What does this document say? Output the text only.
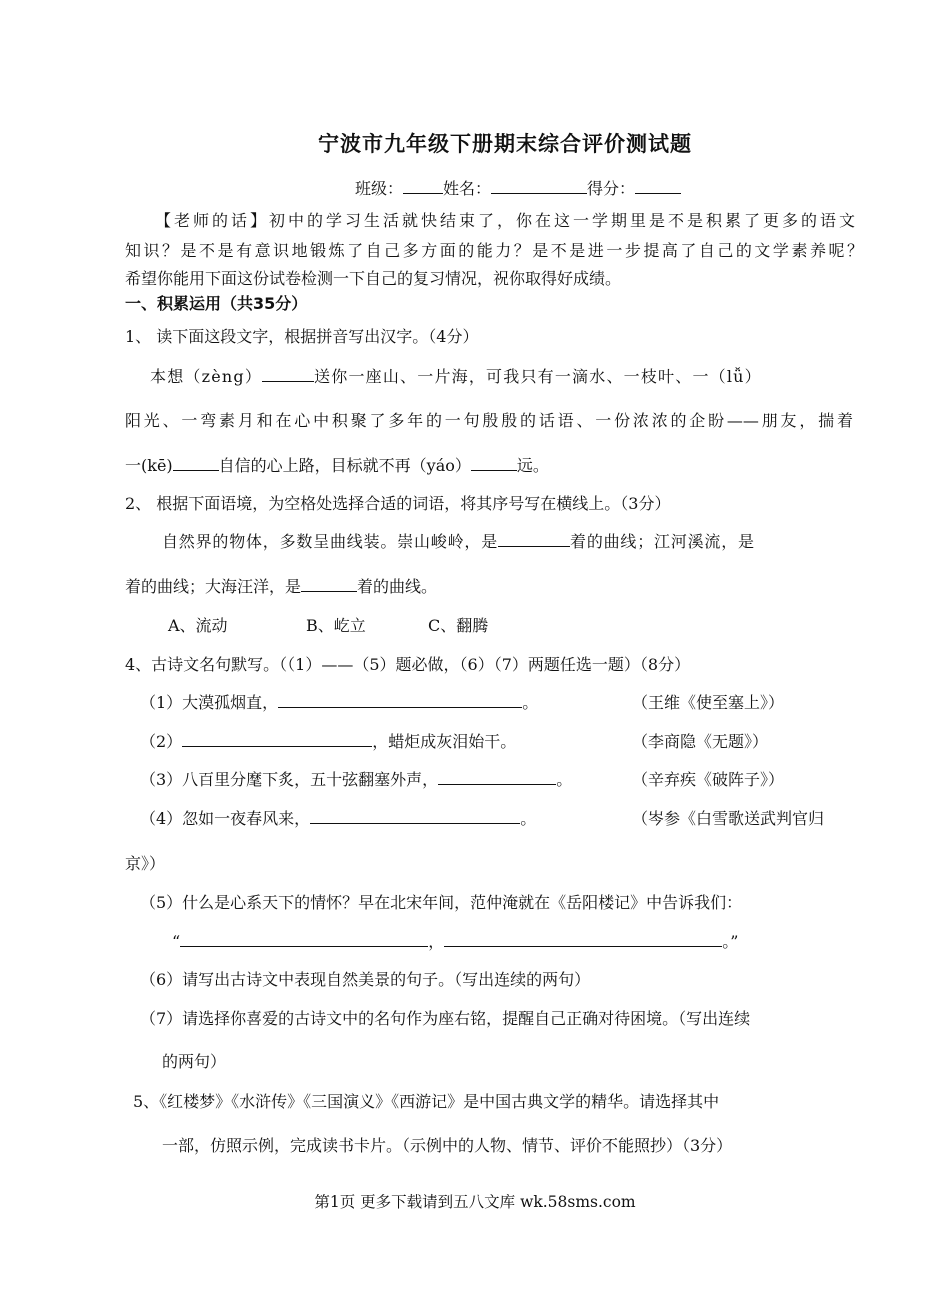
宁波市九年级下册期末综合评价测试题
班级：	姓名：	得分：
【老师的话】初中的学习生活就快结束了，你在这一学期里是不是积累了更多的语文
知识？是不是有意识地锻炼了自己多方面的能力？是不是进一步提高了自己的文学素养呢？
希望你能用下面这份试卷检测一下自己的复习情况，祝你取得好成绩。
一、积累运用（共35分）
1、 读下面这段文字，根据拼音写出汉字。（4分）
本想（zèng）	送你一座山、一片海，可我只有一滴水、一枝叶、一（lǚ）
阳光、一弯素月和在心中积聚了多年的一句殷殷的话语、一份浓浓的企盼——朋友，揣着
一(kē)	自信的心上路，目标就不再（yáo）	远。
2、 根据下面语境，为空格处选择合适的词语，将其序号写在横线上。（3分）
自然界的物体，多数呈曲线装。崇山峻岭，是	着的曲线；江河溪流，是
着的曲线；大海汪洋，是	着的曲线。
A、流动	B、屹立	C、翻腾
4、古诗文名句默写。（（1）——（5）题必做，（6）（7）两题任选一题）（8分）
（1）大漠孤烟直，	。	（王维《使至塞上》）
（2）	，蜡炬成灰泪始干。	（李商隐《无题》）
（3）八百里分麾下炙，五十弦翻塞外声，	。	（辛弃疾《破阵子》）
（4）忽如一夜春风来，	。	（岑参《白雪歌送武判官归
京》）
（5）什么是心系天下的情怀？早在北宋年间，范仲淹就在《岳阳楼记》中告诉我们：
“	，	。”
（6）请写出古诗文中表现自然美景的句子。（写出连续的两句）
（7）请选择你喜爱的古诗文中的名句作为座右铭，提醒自己正确对待困境。（写出连续
的两句）
5、《红楼梦》《水浒传》《三国演义》《西游记》是中国古典文学的精华。请选择其中
一部，仿照示例，完成读书卡片。（示例中的人物、情节、评价不能照抄）（3分）
第1页 更多下载请到五八文库 wk.58sms.com
